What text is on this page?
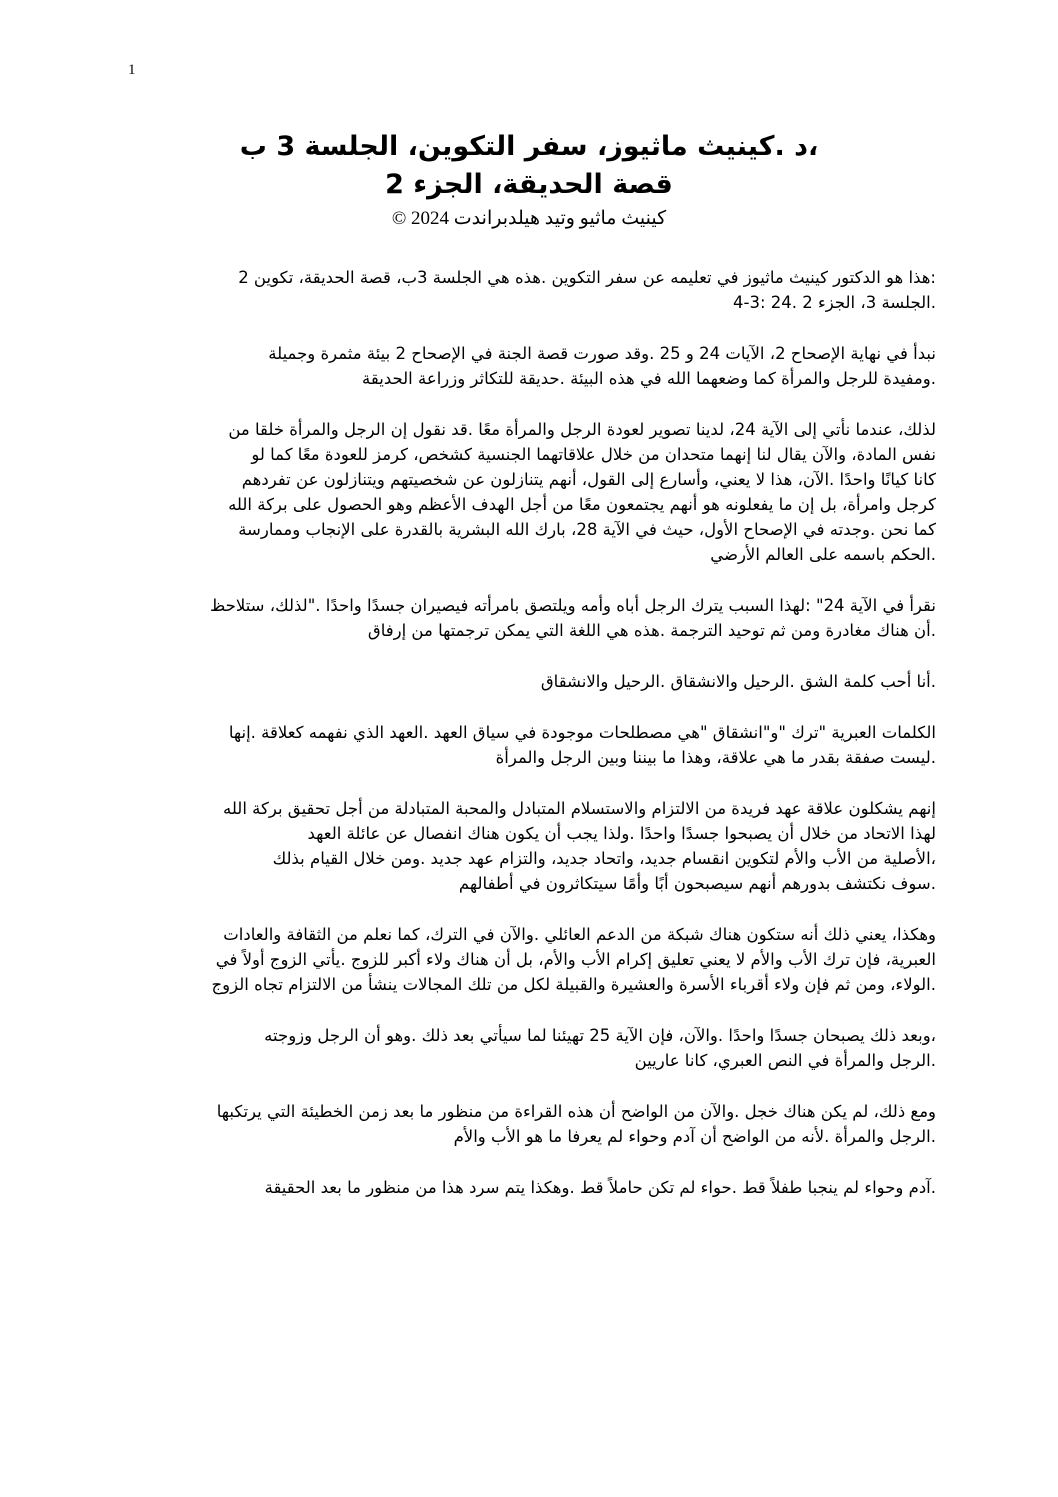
1
،د .كينيث ماثيوز، سفر التكوين، الجلسة 3 ب
قصة الحديقة، الجزء 2
كينيث ماثيو وتيد هيلدبراندت 2024 ©

:هذا هو الدكتور كينيث ماثيوز في تعليمه عن سفر التكوين .هذه هي الجلسة 3ب، قصة الحديقة، تكوين 2
.الجلسة 3، الجزء 2 .24 :3-4

نبدأ في نهاية الإصحاح 2، الآيات 24 و 25 .وقد صورت قصة الجنة في الإصحاح 2 بيئة مثمرة وجميلة
.ومفيدة للرجل والمرأة كما وضعهما الله في هذه البيئة .حديقة للتكاثر وزراعة الحديقة

لذلك، عندما نأتي إلى الآية 24، لدينا تصوير لعودة الرجل والمرأة معًا .قد نقول إن الرجل والمرأة خلقا من
نفس المادة، والآن يقال لنا إنهما متحدان من خلال علاقاتهما الجنسية كشخص، كرمز للعودة معًا كما لو
كانا كيانًا واحدًا .الآن، هذا لا يعني، وأسارع إلى القول، أنهم يتنازلون عن شخصيتهم ويتنازلون عن تفردهم
كرجل وامرأة، بل إن ما يفعلونه هو أنهم يجتمعون معًا من أجل الهدف الأعظم وهو الحصول على بركة الله
كما نحن .وجدته في الإصحاح الأول، حيث في الآية 28، بارك الله البشرية بالقدرة على الإنجاب وممارسة
.الحكم باسمه على العالم الأرضي

نقرأ في الآية 24" :لهذا السبب يترك الرجل أباه وأمه ويلتصق بامرأته فيصيران جسدًا واحدًا ."لذلك، ستلاحظ
.أن هناك مغادرة ومن ثم توحيد الترجمة .هذه هي اللغة التي يمكن ترجمتها من إرفاق

.أنا أحب كلمة الشق .الرحيل والانشقاق .الرحيل والانشقاق

الكلمات العبرية "ترك "و"انشقاق "هي مصطلحات موجودة في سياق العهد .العهد الذي نفهمه كعلاقة .إنها
.ليست صفقة بقدر ما هي علاقة، وهذا ما بيننا وبين الرجل والمرأة

إنهم يشكلون علاقة عهد فريدة من الالتزام والاستسلام المتبادل والمحبة المتبادلة من أجل تحقيق بركة الله
لهذا الاتحاد من خلال أن يصبحوا جسدًا واحدًا .ولذا يجب أن يكون هناك انفصال عن عائلة العهد
،الأصلية من الأب والأم لتكوين انقسام جديد، واتحاد جديد، والتزام عهد جديد .ومن خلال القيام بذلك
.سوف نكتشف بدورهم أنهم سيصبحون أبًا وأمًا سيتكاثرون في أطفالهم

وهكذا، يعني ذلك أنه ستكون هناك شبكة من الدعم العائلي .والآن في الترك، كما نعلم من الثقافة والعادات
العبرية، فإن ترك الأب والأم لا يعني تعليق إكرام الأب والأم، بل أن هناك ولاء أكبر للزوج .يأتي الزوج أولاً في
.الولاء، ومن ثم فإن ولاء أقرباء الأسرة والعشيرة والقبيلة لكل من تلك المجالات ينشأ من الالتزام تجاه الزوج

،وبعد ذلك يصبحان جسدًا واحدًا .والآن، فإن الآية 25 تهيئنا لما سيأتي بعد ذلك .وهو أن الرجل وزوجته
.الرجل والمرأة في النص العبري، كانا عاريين

ومع ذلك، لم يكن هناك خجل .والآن من الواضح أن هذه القراءة من منظور ما بعد زمن الخطيئة التي يرتكبها
.الرجل والمرأة .لأنه من الواضح أن آدم وحواء لم يعرفا ما هو الأب والأم

.آدم وحواء لم ينجبا طفلاً قط .حواء لم تكن حاملاً قط .وهكذا يتم سرد هذا من منظور ما بعد الحقيقة
